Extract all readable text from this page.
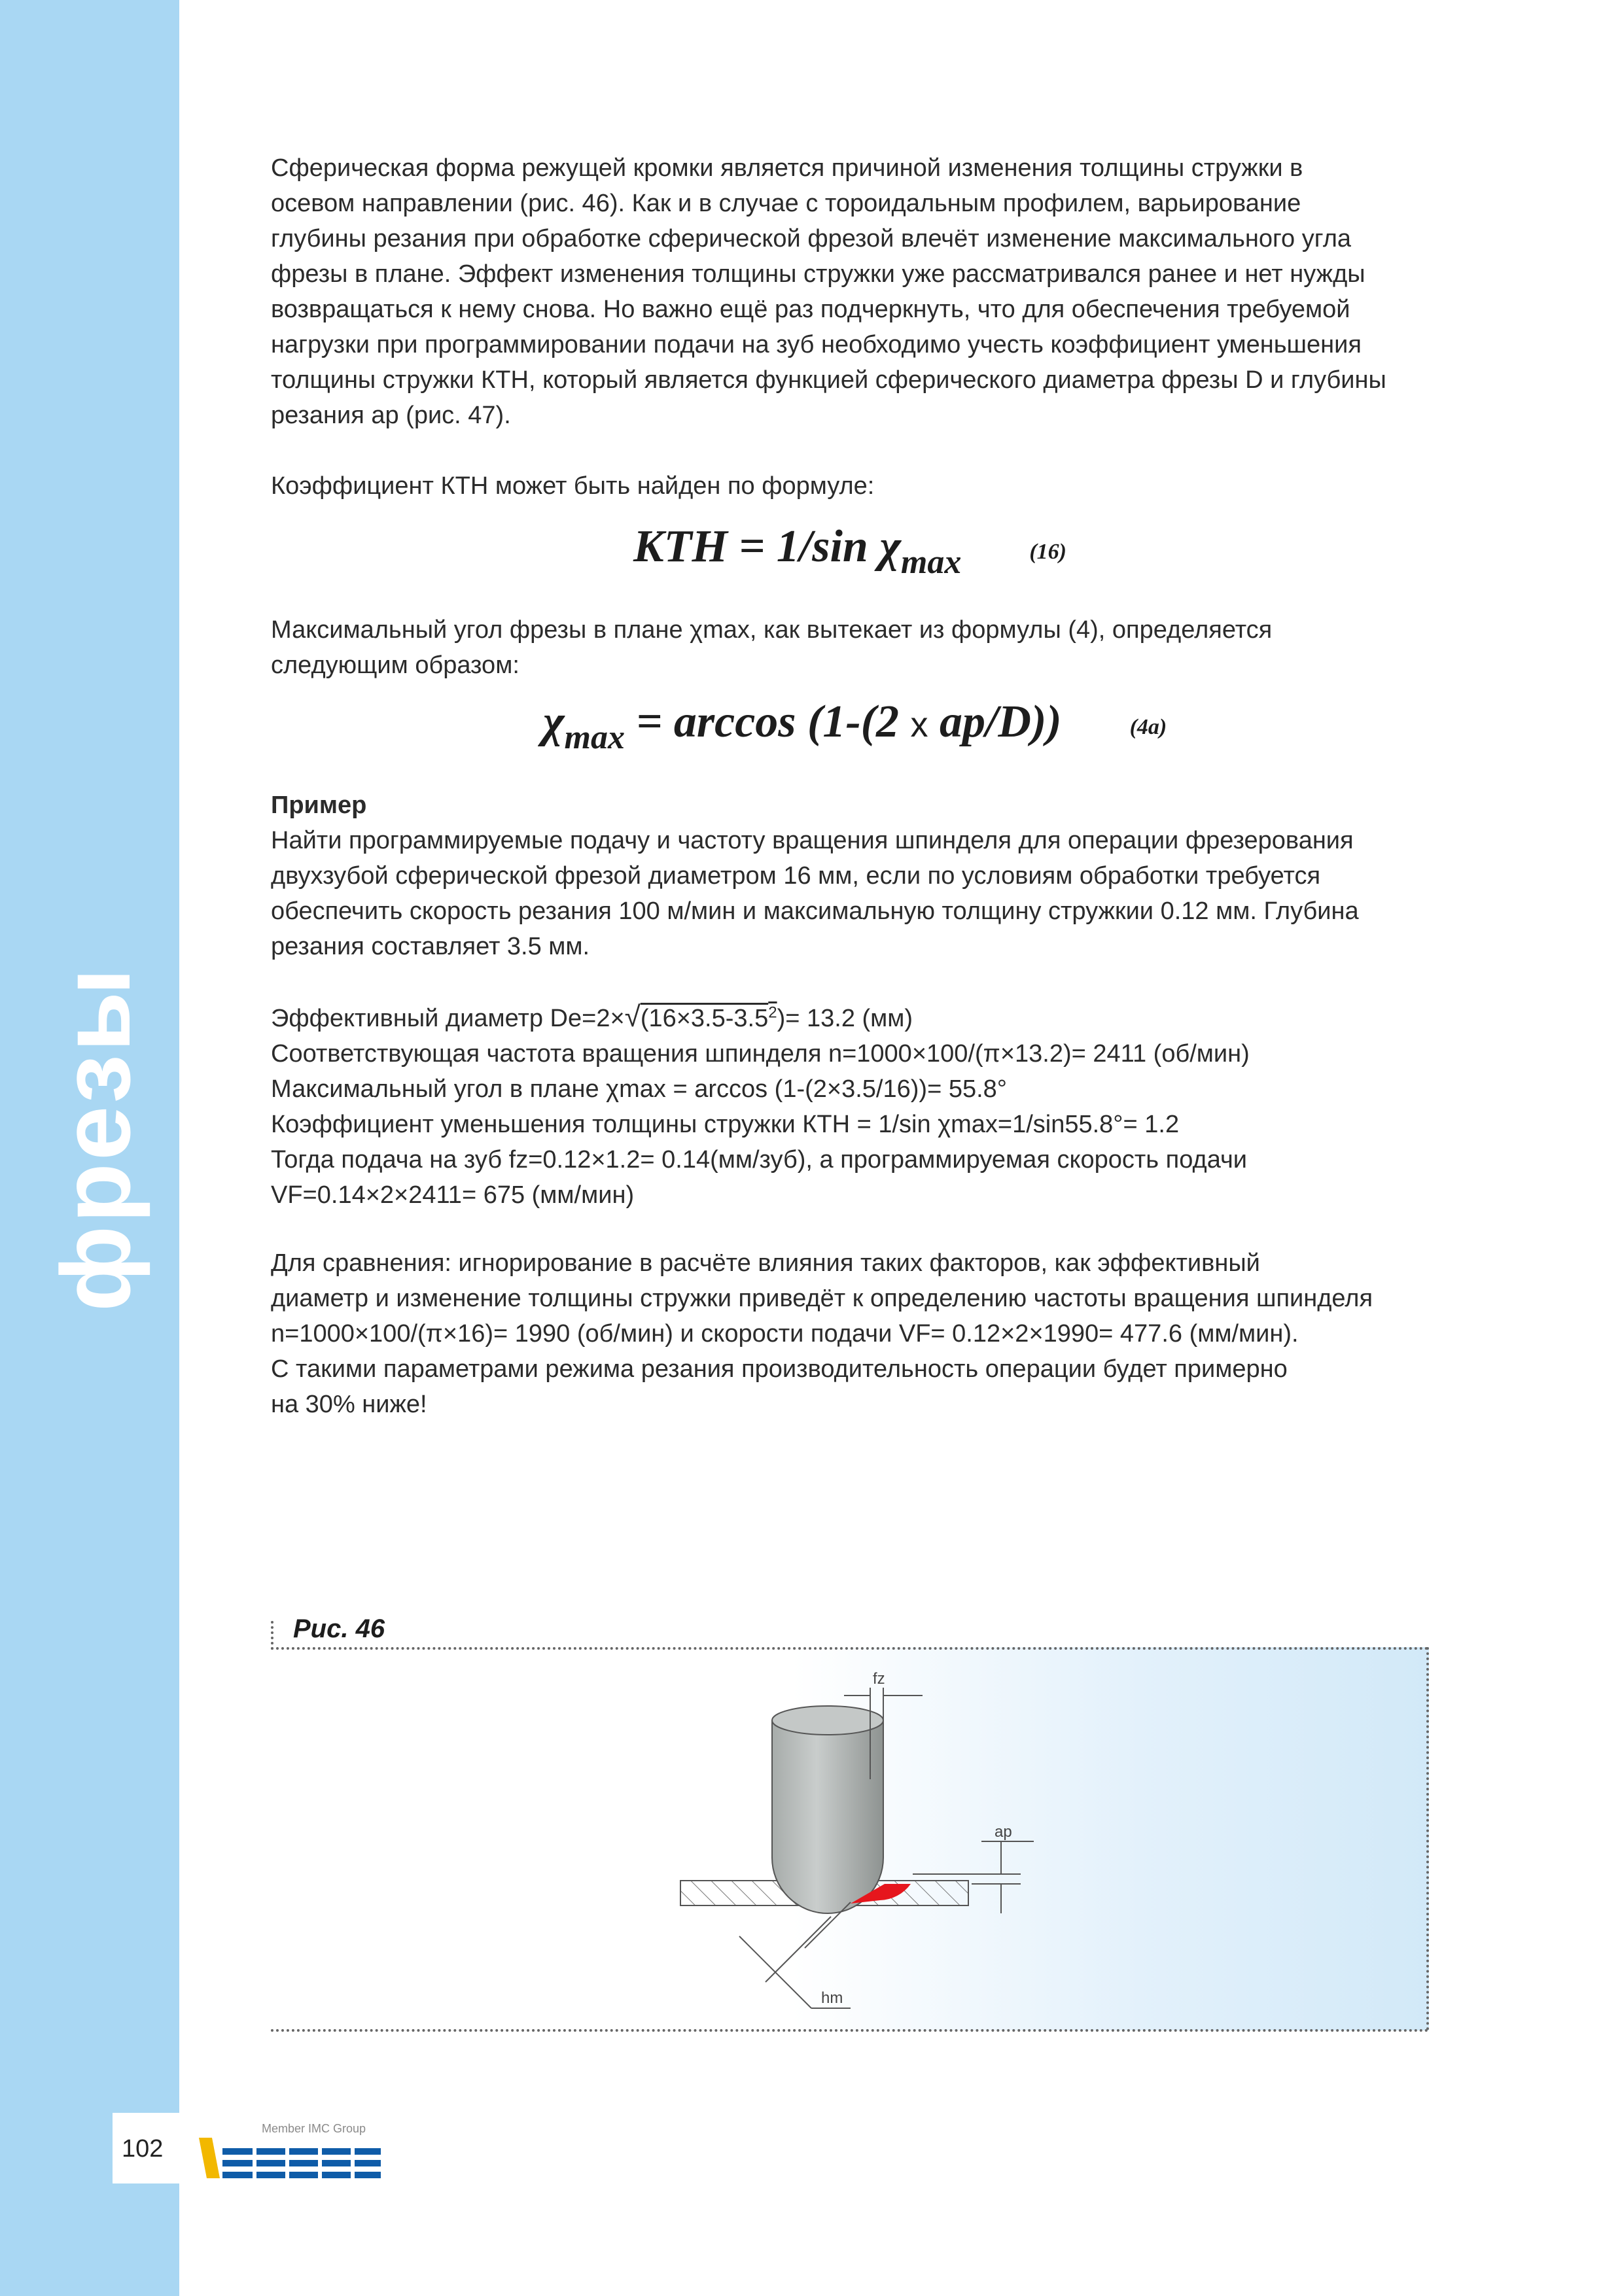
фрезы

Сферическая форма режущей кромки является причиной изменения толщины стружки в

осевом направлении (рис. 46). Как и в случае с тороидальным профилем, варьирование

глубины резания при обработке сферической фрезой влечёт изменение максимального угла

фрезы в плане. Эффект изменения толщины стружки уже рассматривался ранее и нет нужды

возвращаться к нему снова. Но важно ещё раз подчеркнуть, что для обеспечения требуемой

нагрузки при программировании подачи на зуб необходимо учесть коэффициент уменьшения

толщины стружки КТН, который является функцией сферического диаметра фрезы D и глубины

резания ap (рис. 47).

Коэффициент КТН может быть найден по формуле:

KTH = 1/sin χmax	(16)

Максимальный угол фрезы в плане χmax, как вытекает из формулы (4), определяется

следующим образом:

χmax = arccos (1-(2 x ap/D))	(4a)

Пример

Найти программируемые подачу и частоту вращения шпинделя для операции фрезерования

двухзубой сферической фрезой диаметром 16 мм, если по условиям обработки требуется

обеспечить скорость резания 100 м/мин и максимальную толщину стружкии 0.12 мм. Глубина

резания составляет 3.5 мм.

Эффективный диаметр $De=2\times√(16\times 3.5-3.5^2)= 13.2$ (мм)

Соответствующая частота вращения шпинделя n=1000×100/(π×13.2)= 2411 (об/мин)

Максимальный угол в плане χmax = arccos (1-(2×3.5/16))= 55.8°

Коэффициент уменьшения толщины стружки КТН = 1/sin χmax=1/sin55.8°= 1.2

Тогда подача на зуб fz=0.12×1.2= 0.14(мм/зуб), а программируемая скорость подачи

VF=0.14×2×2411= 675 (мм/мин)

Для сравнения: игнорирование в расчёте влияния таких факторов, как эффективный

диаметр и изменение толщины стружки приведёт к определению частоты вращения шпинделя

n=1000×100/(π×16)= 1990 (об/мин) и скорости подачи VF= 0.12×2×1990= 477.6 (мм/мин).

С такими параметрами режима резания производительность операции будет примерно

на 30% ниже!

Рис. 46
fz
ap
hm
102
Member IMC Group
